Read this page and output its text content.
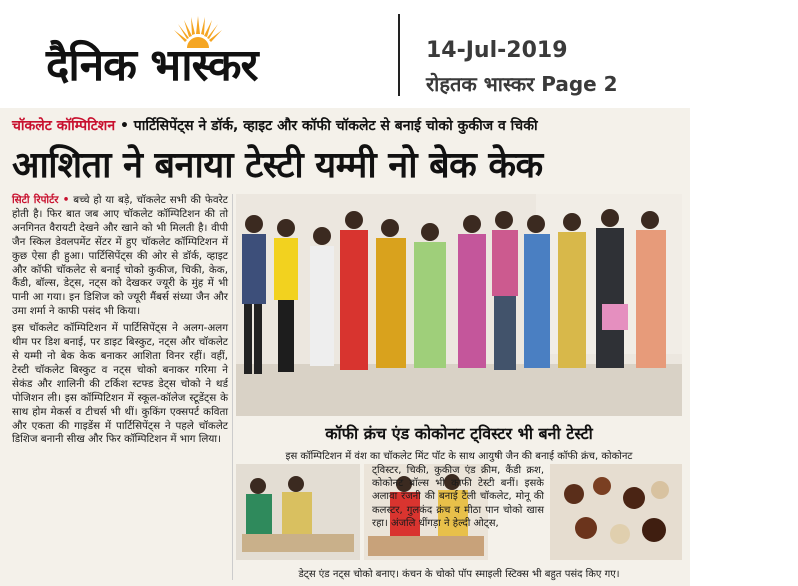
दैनिक भास्कर	14-Jul-2019
रोहतक भास्कर Page 2
चॉकलेट कॉम्पिटिशन • पार्टिसिपेंट्स ने डॉर्क, व्हाइट और कॉफी चॉकलेट से बनाई चोको कुकीज व चिकी
आशिता ने बनाया टेस्टी यम्मी नो बेक केक

सिटी रिपोर्टर • बच्चे हो या बड़े, चॉकलेट सभी की फेवरेट होती है। फिर बात जब आए चॉकलेट कॉम्पिटिशन की तो अनगिनत वैरायटी देखने और खाने को भी मिलती है। वीपी जैन स्किल डेवलपमेंट सेंटर में हुए चॉकलेट कॉम्पिटिशन में कुछ ऐसा ही हुआ। पार्टिसिपेंट्स की ओर से डॉर्क, व्हाइट और कॉफी चॉकलेट से बनाई चोको कुकीज, चिकी, केक, कैंडी, बॉल्स, डेट्स, नट्स को देखकर ज्यूरी के मुंह में भी पानी आ गया। इन डिशिज को ज्यूरी मैंबर्स संध्या जैन और उमा शर्मा ने काफी पसंद भी किया।

इस चॉकलेट कॉम्पिटिशन में पार्टिसिपेंट्स ने अलग-अलग थीम पर डिश बनाई, पर डाइट बिस्कुट, नट्स और चॉकलेट से यम्मी नो बेक केक बनाकर आशिता विनर रहीं। वहीं, टेस्टी चॉकलेट बिस्कुट व नट्स चोको बनाकर गरिमा ने सेकंड और शालिनी की टर्किश स्टफ्ड डेट्स चोको ने थर्ड पोजिशन ली। इस कॉम्पिटिशन में स्कूल-कॉलेज स्टूडेंट्स के साथ होम मेकर्स व टीचर्स भी थीं। कुकिंग एक्सपर्ट कविता और एकता की गाइडेंस में पार्टिसिपेंट्स ने पहले चॉकलेट डिशिज बनानी सीख और फिर कॉम्पिटिशन में भाग लिया।	कॉफी क्रंच एंड कोकोनट ट्विस्टर भी बनी टेस्टी
इस कॉम्पिटिशन में वंश का चॉकलेट मिंट पॉट के साथ आयुषी जैन की बनाई कॉफी क्रंच, कोकोनट
ट्विस्टर, चिकी, कुकीज एंड क्रीम, कैंडी क्रश, कोकोनट बॉल्स भी काफी टेस्टी बनीं। इसके अलावा रजनी की बनाई टैली चॉकलेट, मोनू की कलस्टर, गुलकंद क्रंच व मीठा पान चोको खास रहा। अंजलि धींगड़ा ने हेल्दी ओट्स,
डेट्स एंड नट्स चोको बनाए। कंचन के चोको पॉप स्माइली स्टिक्स भी बहुत पसंद किए गए।
